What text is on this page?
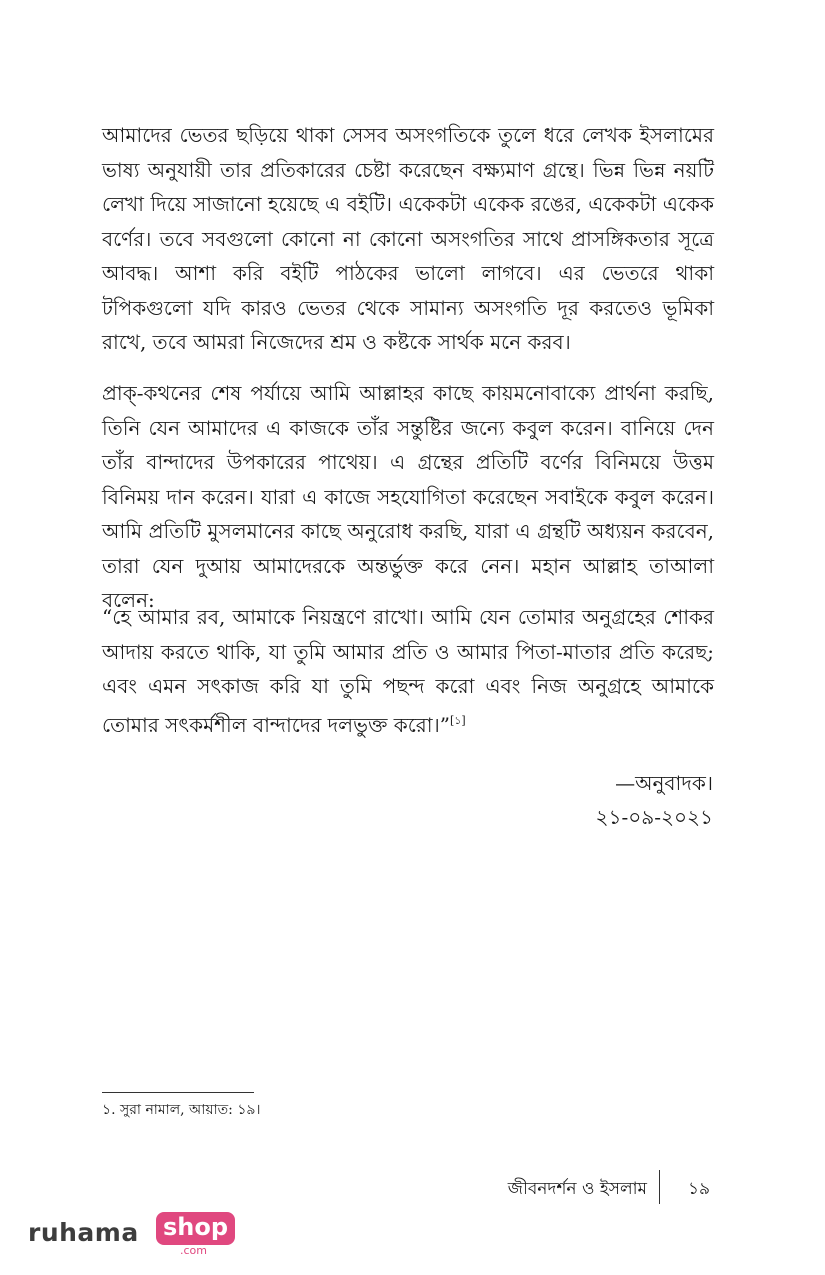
আমাদের ভেতর ছড়িয়ে থাকা সেসব অসংগতিকে তুলে ধরে লেখক ইসলামের ভাষ্য অনুযায়ী তার প্রতিকারের চেষ্টা করেছেন বক্ষ্যমাণ গ্রন্থে। ভিন্ন ভিন্ন নয়টি লেখা দিয়ে সাজানো হয়েছে এ বইটি। একেকটা একেক রঙের, একেকটা একেক বর্ণের। তবে সবগুলো কোনো না কোনো অসংগতির সাথে প্রাসঙ্গিকতার সূত্রে আবদ্ধ। আশা করি বইটি পাঠকের ভালো লাগবে। এর ভেতরে থাকা টপিকগুলো যদি কারও ভেতর থেকে সামান্য অসংগতি দূর করতেও ভূমিকা রাখে, তবে আমরা নিজেদের শ্রম ও কষ্টকে সার্থক মনে করব।

প্রাক্-কথনের শেষ পর্যায়ে আমি আল্লাহর কাছে কায়মনোবাক্যে প্রার্থনা করছি, তিনি যেন আমাদের এ কাজকে তাঁর সন্তুষ্টির জন্যে কবুল করেন। বানিয়ে দেন তাঁর বান্দাদের উপকারের পাথেয়। এ গ্রন্থের প্রতিটি বর্ণের বিনিময়ে উত্তম বিনিময় দান করেন। যারা এ কাজে সহযোগিতা করেছেন সবাইকে কবুল করেন। আমি প্রতিটি মুসলমানের কাছে অনুরোধ করছি, যারা এ গ্রন্থটি অধ্যয়ন করবেন, তারা যেন দুআয় আমাদেরকে অন্তর্ভুক্ত করে নেন। মহান আল্লাহ তাআলা বলেন:

“হে আমার রব, আমাকে নিয়ন্ত্রণে রাখো। আমি যেন তোমার অনুগ্রহের শোকর আদায় করতে থাকি, যা তুমি আমার প্রতি ও আমার পিতা-মাতার প্রতি করেছ; এবং এমন সৎকাজ করি যা তুমি পছন্দ করো এবং নিজ অনুগ্রহে আমাকে তোমার সৎকর্মশীল বান্দাদের দলভুক্ত করো।”[১]

—অনুবাদক।
২১-০৯-২০২১
১. সুরা নামাল, আয়াত: ১৯।
জীবনদর্শন ও ইসলাম ১৯
ruhama shop
.com
